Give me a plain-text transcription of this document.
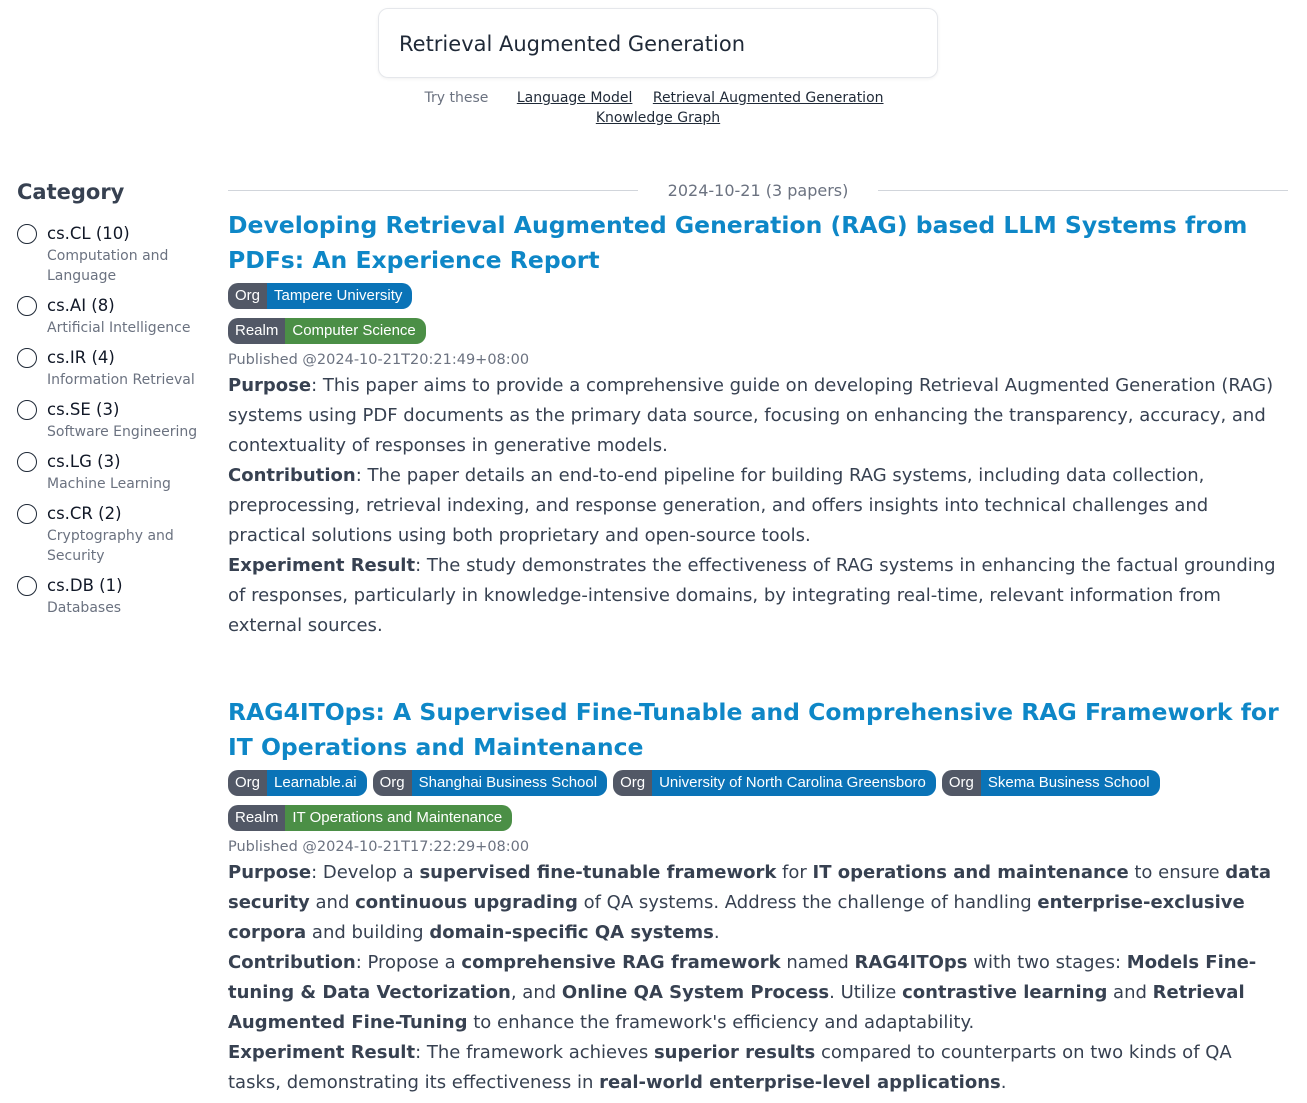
Retrieval Augmented Generation
Try these Language Model Retrieval Augmented Generation
Knowledge Graph
Category
cs.CL (10)
Computation and Language
cs.AI (8)
Artificial Intelligence
cs.IR (4)
Information Retrieval
cs.SE (3)
Software Engineering
cs.LG (3)
Machine Learning
cs.CR (2)
Cryptography and Security
cs.DB (1)
Databases
2024-10-21 (3 papers)
Developing Retrieval Augmented Generation (RAG) based LLM Systems from PDFs: An Experience Report
Org Tampere University
Realm Computer Science
Published @2024-10-21T20:21:49+08:00
Purpose: This paper aims to provide a comprehensive guide on developing Retrieval Augmented Generation (RAG) systems using PDF documents as the primary data source, focusing on enhancing the transparency, accuracy, and contextuality of responses in generative models.
Contribution: The paper details an end-to-end pipeline for building RAG systems, including data collection, preprocessing, retrieval indexing, and response generation, and offers insights into technical challenges and practical solutions using both proprietary and open-source tools.
Experiment Result: The study demonstrates the effectiveness of RAG systems in enhancing the factual grounding of responses, particularly in knowledge-intensive domains, by integrating real-time, relevant information from external sources.
RAG4ITOps: A Supervised Fine-Tunable and Comprehensive RAG Framework for IT Operations and Maintenance
Org Learnable.ai	Org Shanghai Business School	Org University of North Carolina Greensboro	Org Skema Business School
Realm IT Operations and Maintenance
Published @2024-10-21T17:22:29+08:00
Purpose: Develop a supervised fine-tunable framework for IT operations and maintenance to ensure data security and continuous upgrading of QA systems. Address the challenge of handling enterprise-exclusive corpora and building domain-specific QA systems.
Contribution: Propose a comprehensive RAG framework named RAG4ITOps with two stages: Models Fine-tuning & Data Vectorization, and Online QA System Process. Utilize contrastive learning and Retrieval Augmented Fine-Tuning to enhance the framework's efficiency and adaptability.
Experiment Result: The framework achieves superior results compared to counterparts on two kinds of QA tasks, demonstrating its effectiveness in real-world enterprise-level applications.
